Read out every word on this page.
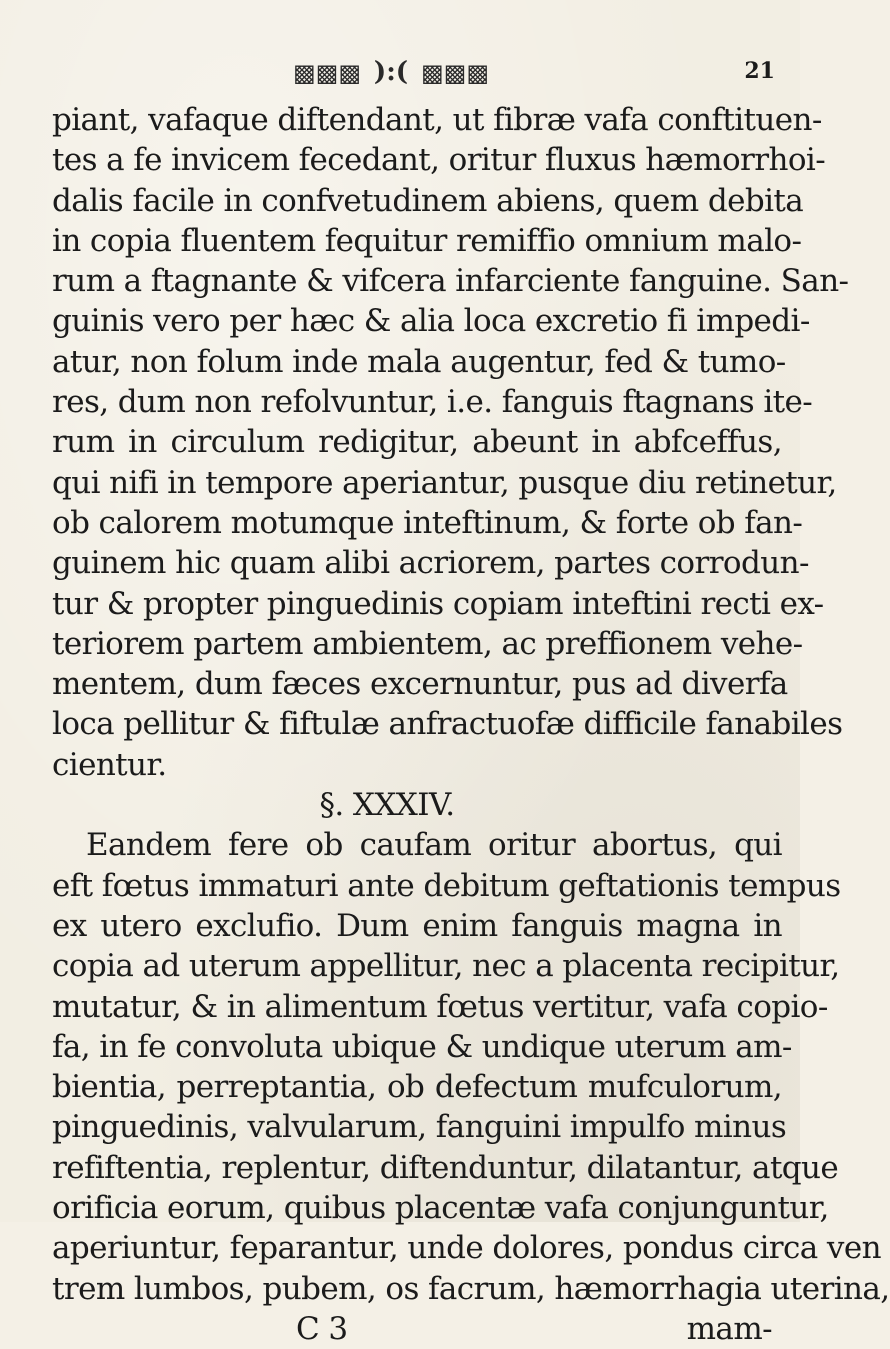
▩▩▩ ):( ▩▩▩	21
piant, vafaque diftendant, ut fibræ vafa conftituen-
tes a fe invicem fecedant, oritur fluxus hæmorrhoi-
dalis facile in confvetudinem abiens, quem debita
in copia fluentem fequitur remiffio omnium malo-
rum a ftagnante & vifcera infarciente fanguine. San-
guinis vero per hæc & alia loca excretio fi impedi-
atur, non folum inde mala augentur, fed & tumo-
res, dum non refolvuntur, i.e. fanguis ftagnans ite-
rum in circulum redigitur, abeunt in abfceffus,
qui nifi in tempore aperiantur, pusque diu retinetur,
ob calorem motumque inteftinum, & forte ob fan-
guinem hic quam alibi acriorem, partes corrodun-
tur & propter pinguedinis copiam inteftini recti ex-
teriorem partem ambientem, ac preffionem vehe-
mentem, dum fæces excernuntur, pus ad diverfa
loca pellitur & fiftulæ anfractuofæ difficile fanabiles
cientur.
§. XXXIV.
Eandem fere ob caufam oritur abortus, qui
eft fœtus immaturi ante debitum geftationis tempus
ex utero exclufio. Dum enim fanguis magna in
copia ad uterum appellitur, nec a placenta recipitur,
mutatur, & in alimentum fœtus vertitur, vafa copio-
fa, in fe convoluta ubique & undique uterum am-
bientia, perreptantia, ob defectum mufculorum,
pinguedinis, valvularum, fanguini impulfo minus
refiftentia, replentur, diftenduntur, dilatantur, atque
orificia eorum, quibus placentæ vafa conjunguntur,
aperiuntur, feparantur, unde dolores, pondus circa ven
trem lumbos, pubem, os facrum, hæmorrhagia uterina,
C 3	mam-
